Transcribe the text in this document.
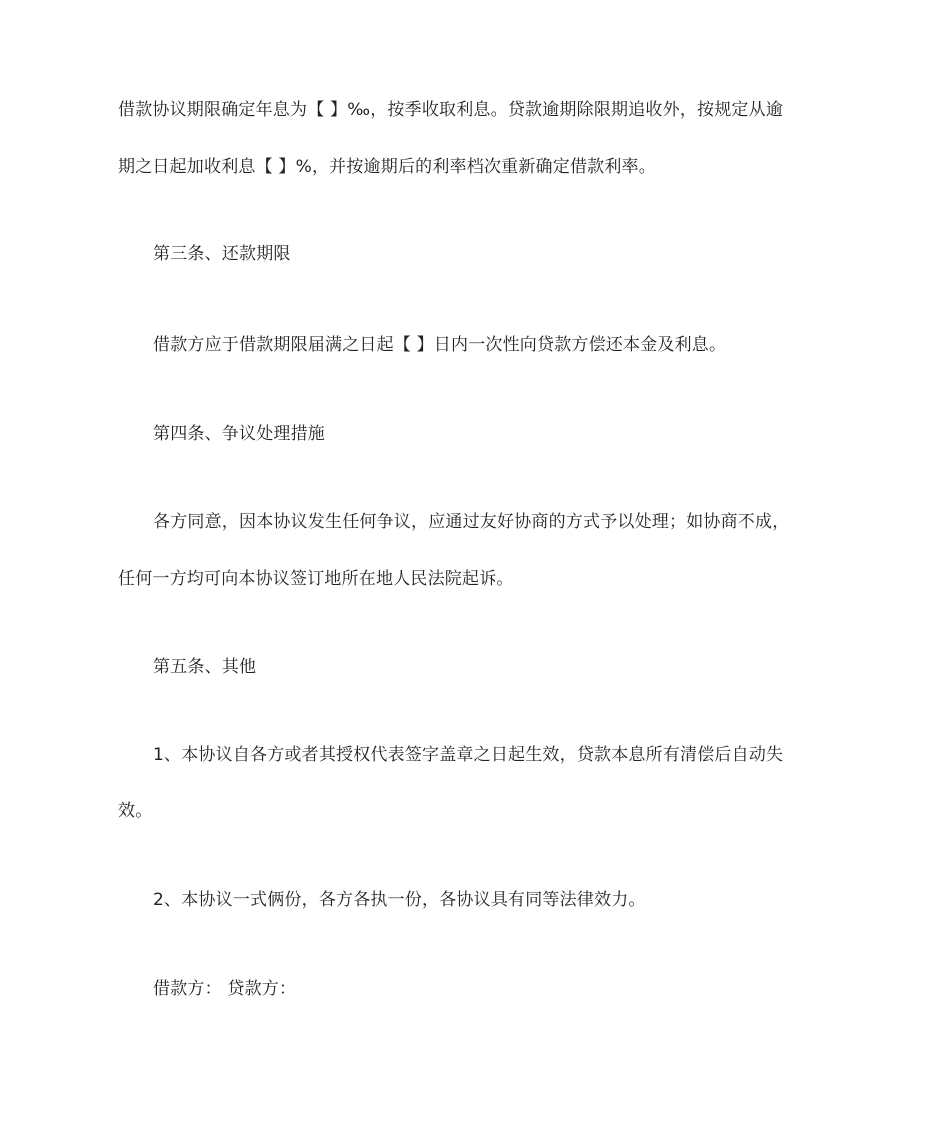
借款协议期限确定年息为【 】‰，按季收取利息。贷款逾期除限期追收外，按规定从逾
期之日起加收利息【 】%，并按逾期后的利率档次重新确定借款利率。
第三条、还款期限
借款方应于借款期限届满之日起【 】日内一次性向贷款方偿还本金及利息。
第四条、争议处理措施
各方同意，因本协议发生任何争议，应通过友好协商的方式予以处理；如协商不成，
任何一方均可向本协议签订地所在地人民法院起诉。
第五条、其他
1、本协议自各方或者其授权代表签字盖章之日起生效，贷款本息所有清偿后自动失
效。
2、本协议一式俩份，各方各执一份，各协议具有同等法律效力。
借款方： 贷款方：
